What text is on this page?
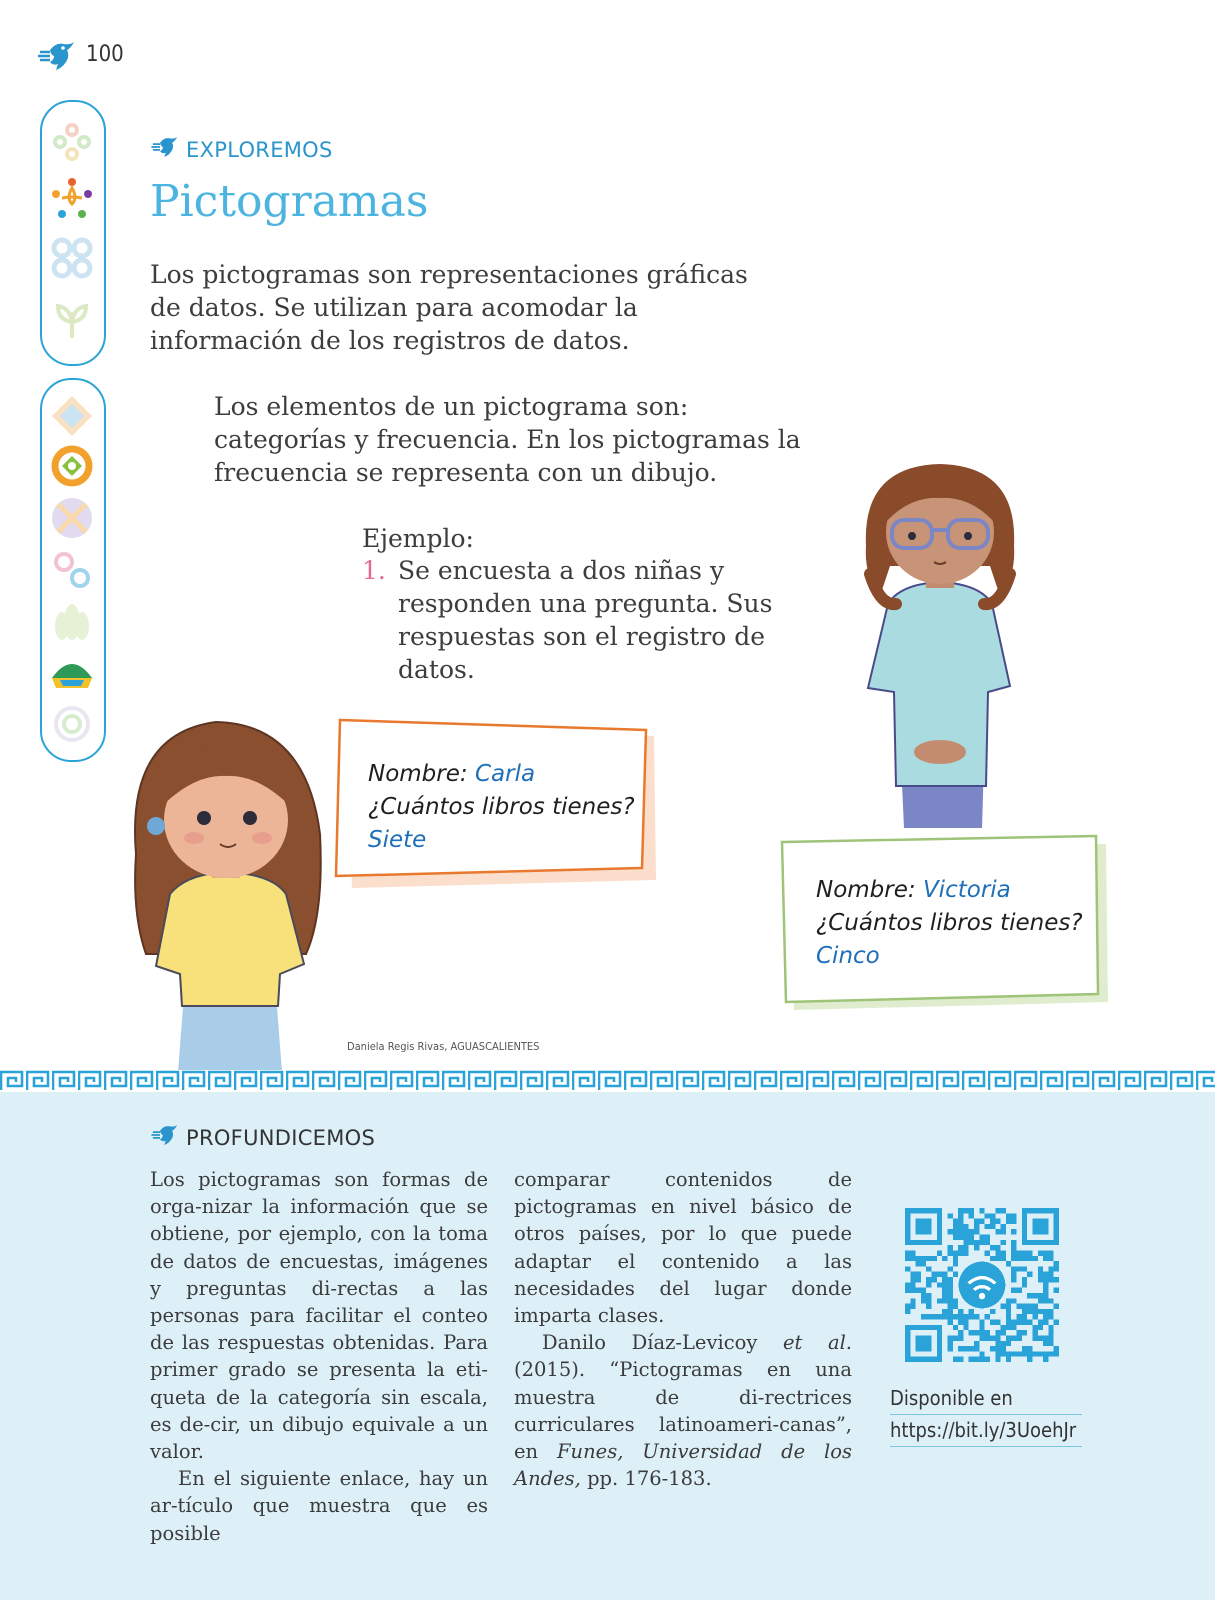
100
EXPLOREMOS
Pictogramas
Los pictogramas son representaciones gráficas de datos. Se utilizan para acomodar la información de los registros de datos.
Los elementos de un pictograma son: categorías y frecuencia. En los pictogramas la frecuencia se representa con un dibujo.
Ejemplo:
1. Se encuesta a dos niñas y responden una pregunta. Sus respuestas son el registro de datos.
Nombre: Carla
¿Cuántos libros tienes?
Siete
Nombre: Victoria
¿Cuántos libros tienes?
Cinco
Daniela Regis Rivas, AGUASCALIENTES
PROFUNDICEMOS

Los pictogramas son formas de orga-nizar la información que se obtiene, por ejemplo, con la toma de datos de encuestas, imágenes y preguntas di-rectas a las personas para facilitar el conteo de las respuestas obtenidas. Para primer grado se presenta la eti-queta de la categoría sin escala, es de-cir, un dibujo equivale a un valor.

En el siguiente enlace, hay un ar-tículo que muestra que es posible

comparar contenidos de pictogramas en nivel básico de otros países, por lo que puede adaptar el contenido a las necesidades del lugar donde imparta clases.

Danilo Díaz-Levicoy et al. (2015). “Pictogramas en una muestra de di-rectrices curriculares latinoameri-canas”, en Funes, Universidad de los Andes, pp. 176-183.

Disponible en
https://bit.ly/3UoehJr
